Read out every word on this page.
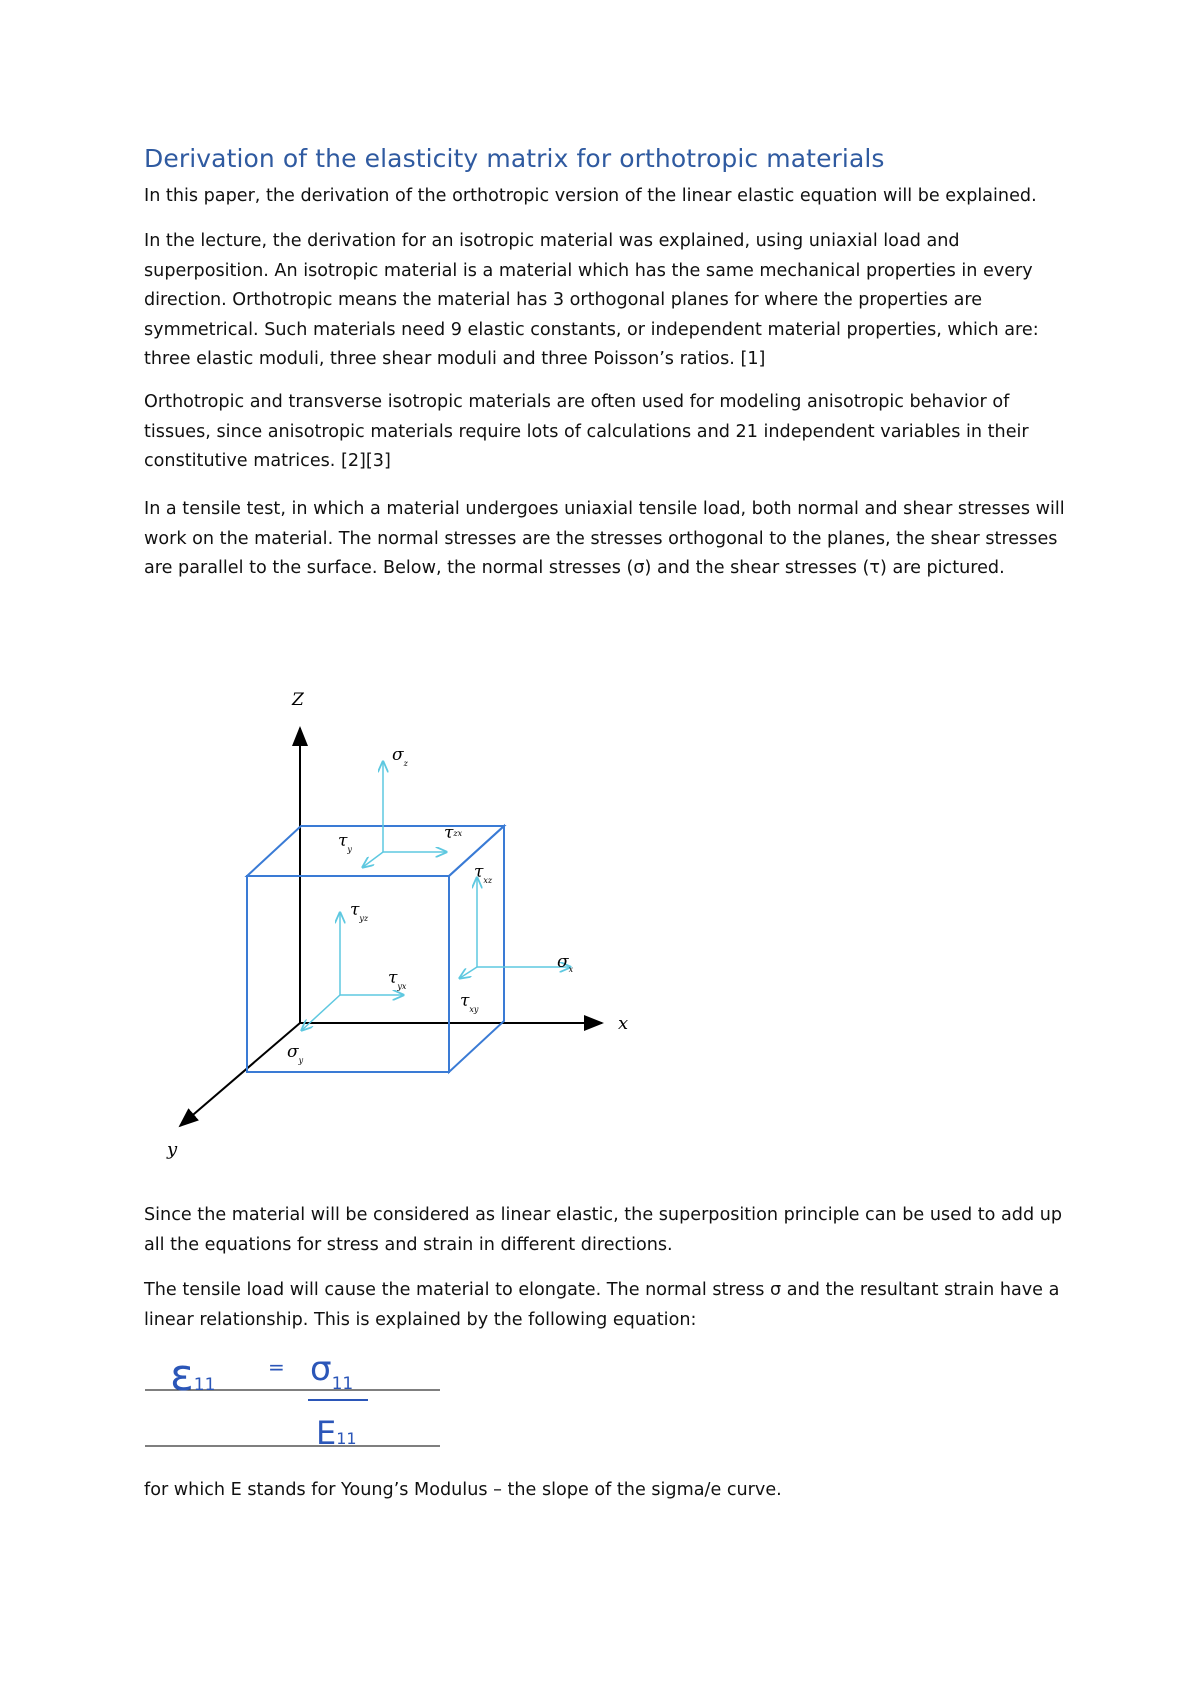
Derivation of the elasticity matrix for orthotropic materials

In this paper, the derivation of the orthotropic version of the linear elastic equation will be explained.

In the lecture, the derivation for an isotropic material was explained, using uniaxial load and superposition. An isotropic material is a material which has the same mechanical properties in every direction. Orthotropic means the material has 3 orthogonal planes for where the properties are symmetrical. Such materials need 9 elastic constants, or independent material properties, which are: three elastic moduli, three shear moduli and three Poisson’s ratios. [1]

Orthotropic and transverse isotropic materials are often used for modeling anisotropic behavior of tissues, since anisotropic materials require lots of calculations and 21 independent variables in their constitutive matrices. [2][3]

In a tensile test, in which a material undergoes uniaxial tensile load, both normal and shear stresses will work on the material. The normal stresses are the stresses orthogonal to the planes, the shear stresses are parallel to the surface. Below, the normal stresses (σ) and the shear stresses (τ) are pictured.

Z
x
y
$\sigma_z$
$\tau_y$
τzx
$\tau_{xz}$
$\tau_{yz}$
$\sigma_x$
$\tau_{yx}$
$\tau_{xy}$
$\sigma_y$

Since the material will be considered as linear elastic, the superposition principle can be used to add up all the equations for stress and strain in different directions.

The tensile load will cause the material to elongate. The normal stress σ and the resultant strain have a linear relationship. This is explained by the following equation:

ε11
= $\sigma_{11}$
E11

for which E stands for Young’s Modulus – the slope of the sigma/e curve.
